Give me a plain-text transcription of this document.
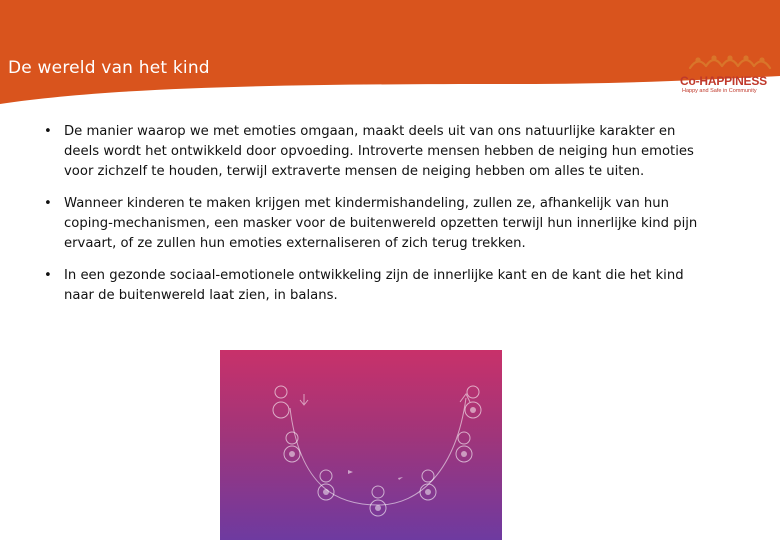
De wereld van het kind
Co-HAPPINESS
Happy and Safe in Community
• De manier waarop we met emoties omgaan, maakt deels uit van ons natuurlijke karakter en deels wordt het ontwikkeld door opvoeding. Introverte mensen hebben de neiging hun emoties voor zichzelf te houden, terwijl extraverte mensen de neiging hebben om alles te uiten.
• Wanneer kinderen te maken krijgen met kindermishandeling, zullen ze, afhankelijk van hun coping-mechanismen, een masker voor de buitenwereld opzetten terwijl hun innerlijke kind pijn ervaart, of ze zullen hun emoties externaliseren of zich terug trekken.
• In een gezonde sociaal-emotionele ontwikkeling zijn de innerlijke kant en de kant die het kind naar de buitenwereld laat zien, in balans.
